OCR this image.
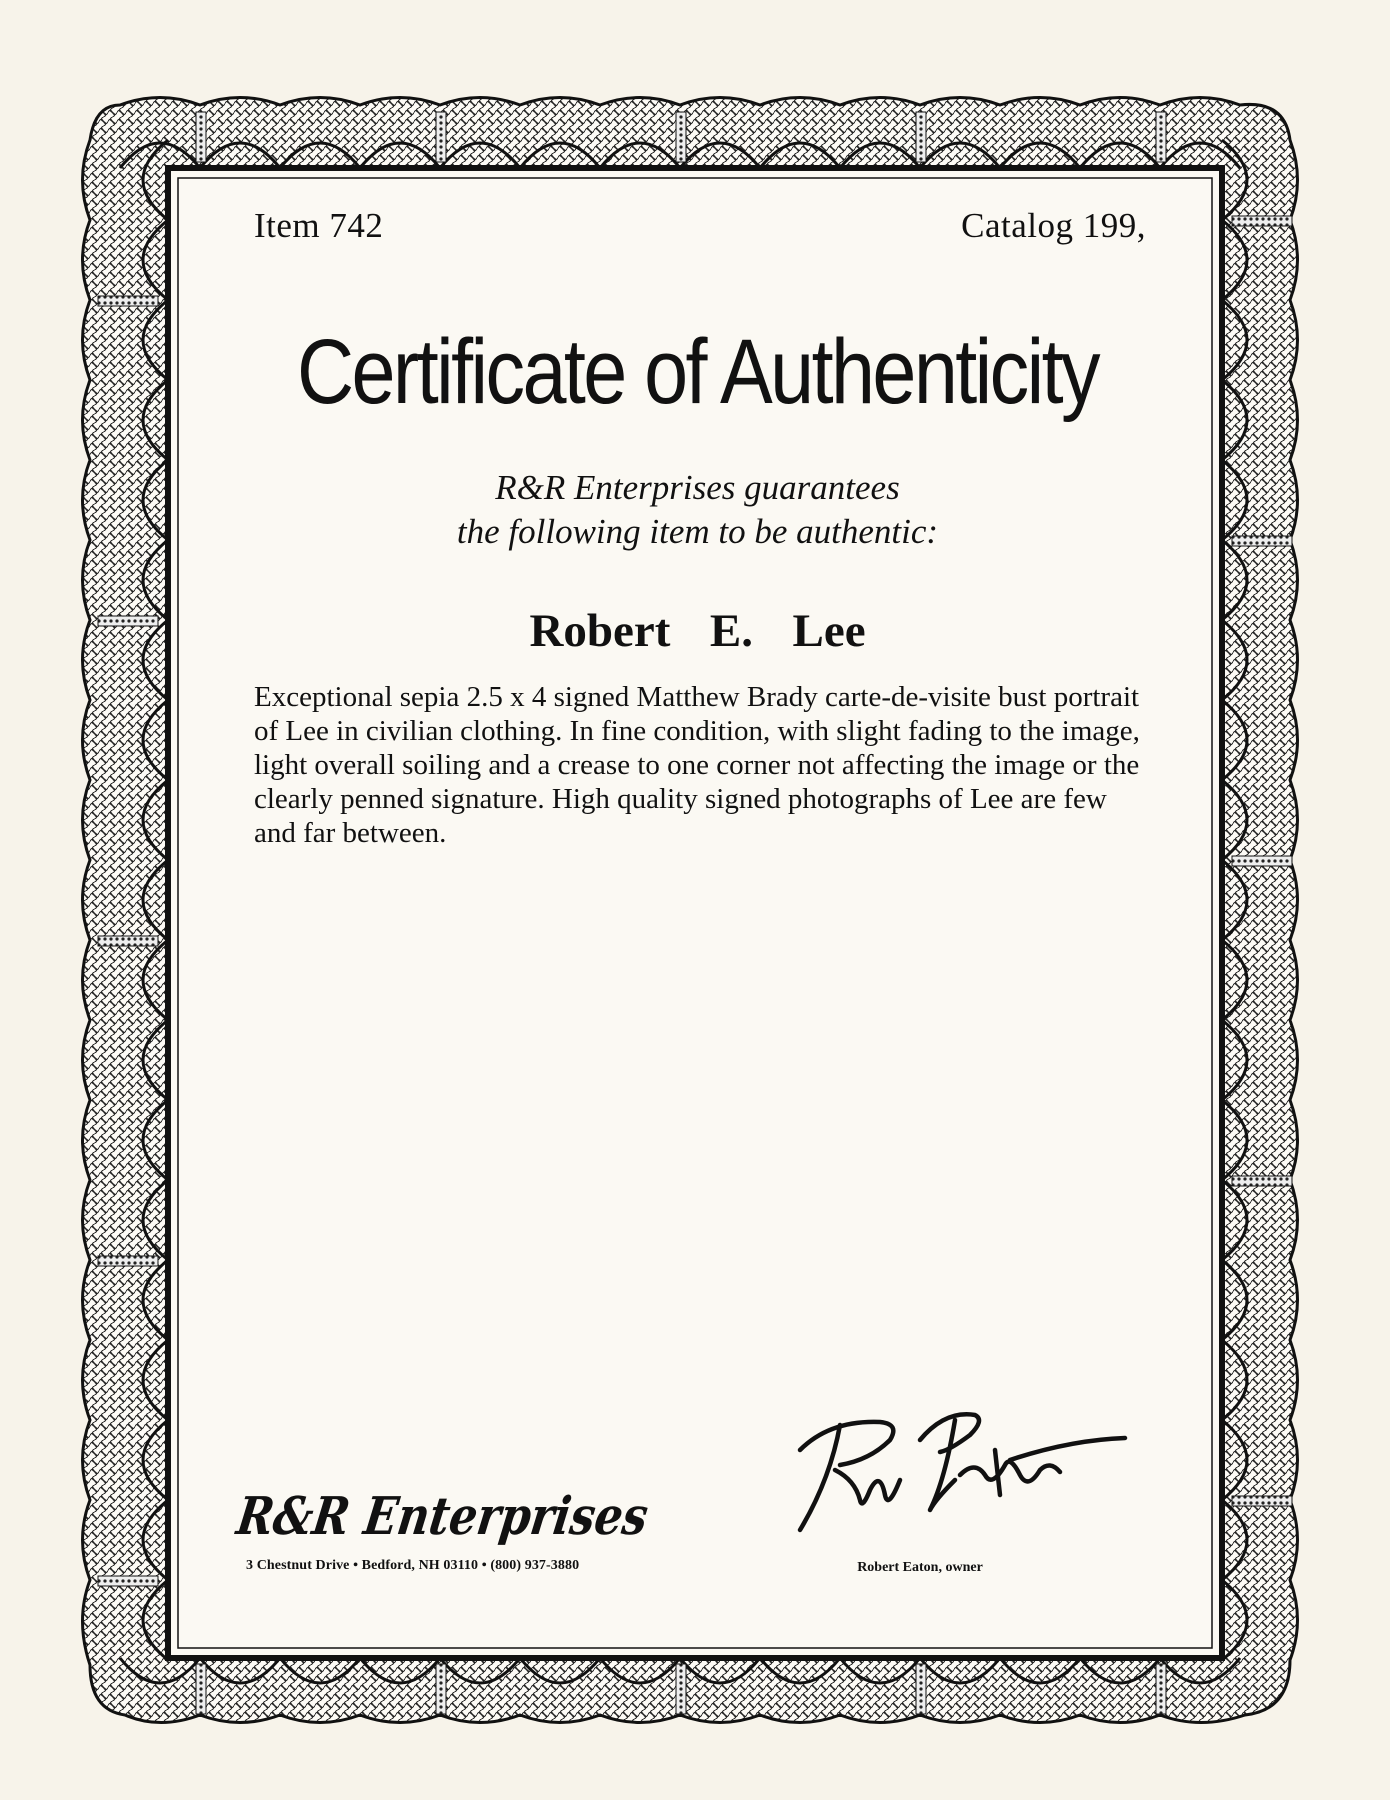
Item 742	Catalog 199,
Certificate of Authenticity
R&R Enterprises guarantees
the following item to be authentic:
Robert  E.  Lee
Exceptional sepia 2.5 x 4 signed Matthew Brady carte-de-visite bust portrait of Lee in civilian clothing. In fine condition, with slight fading to the image, light overall soiling and a crease to one corner not affecting the image or the clearly penned signature. High quality signed photographs of Lee are few and far between.
R&R Enterprises
3 Chestnut Drive • Bedford, NH 03110 • (800) 937-3880	Robert Eaton, owner
